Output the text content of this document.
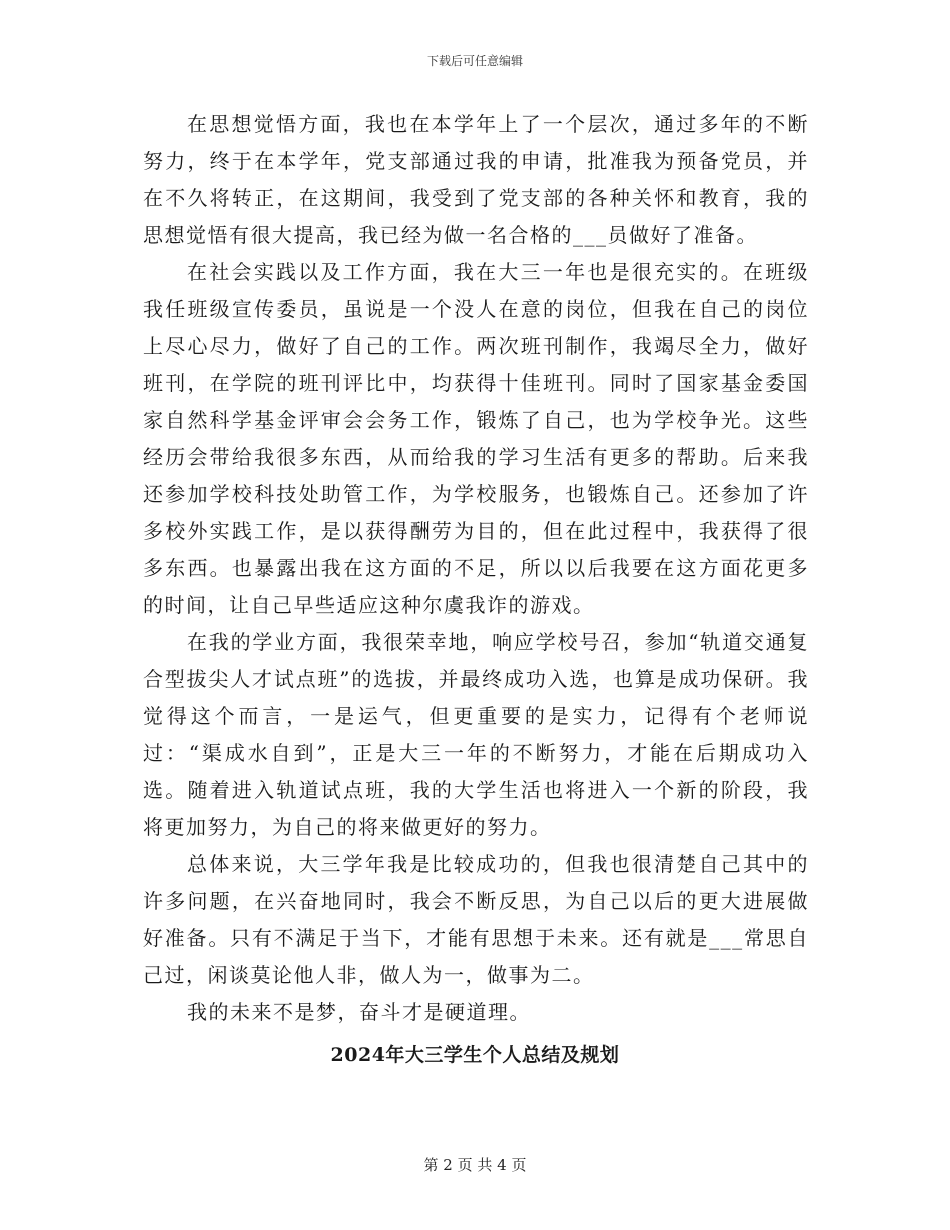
下载后可任意编辑

在思想觉悟方面，我也在本学年上了一个层次，通过多年的不断努力，终于在本学年，党支部通过我的申请，批准我为预备党员，并在不久将转正，在这期间，我受到了党支部的各种关怀和教育，我的思想觉悟有很大提高，我已经为做一名合格的___员做好了准备。

在社会实践以及工作方面，我在大三一年也是很充实的。在班级我任班级宣传委员，虽说是一个没人在意的岗位，但我在自己的岗位上尽心尽力，做好了自己的工作。两次班刊制作，我竭尽全力，做好班刊，在学院的班刊评比中，均获得十佳班刊。同时了国家基金委国家自然科学基金评审会会务工作，锻炼了自己，也为学校争光。这些经历会带给我很多东西，从而给我的学习生活有更多的帮助。后来我还参加学校科技处助管工作，为学校服务，也锻炼自己。还参加了许多校外实践工作，是以获得酬劳为目的，但在此过程中，我获得了很多东西。也暴露出我在这方面的不足，所以以后我要在这方面花更多的时间，让自己早些适应这种尔虞我诈的游戏。

在我的学业方面，我很荣幸地，响应学校号召，参加“轨道交通复合型拔尖人才试点班”的选拔，并最终成功入选，也算是成功保研。我觉得这个而言，一是运气，但更重要的是实力，记得有个老师说过：“渠成水自到”，正是大三一年的不断努力，才能在后期成功入选。随着进入轨道试点班，我的大学生活也将进入一个新的阶段，我将更加努力，为自己的将来做更好的努力。

总体来说，大三学年我是比较成功的，但我也很清楚自己其中的许多问题，在兴奋地同时，我会不断反思，为自己以后的更大进展做好准备。只有不满足于当下，才能有思想于未来。还有就是___常思自己过，闲谈莫论他人非，做人为一，做事为二。

我的未来不是梦，奋斗才是硬道理。

2024年大三学生个人总结及规划
第 2 页 共 4 页
